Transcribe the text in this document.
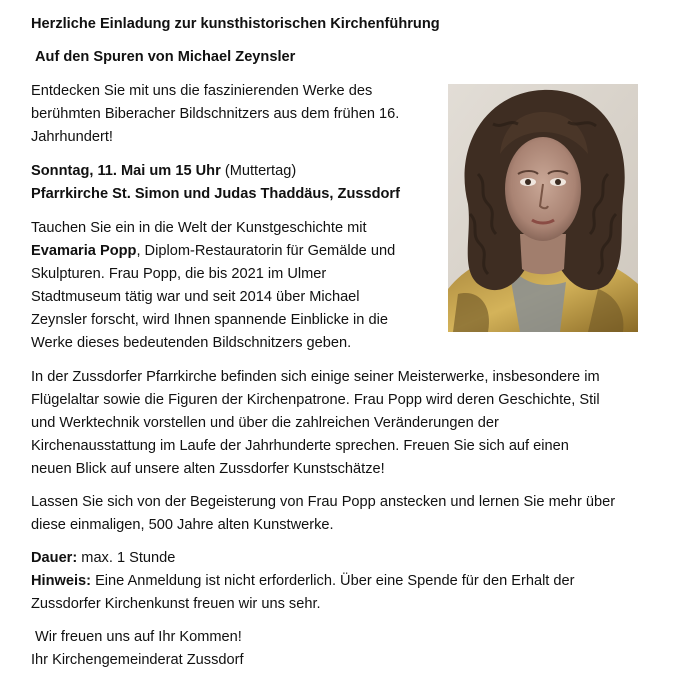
Herzliche Einladung zur kunsthistorischen Kirchenführung
Auf den Spuren von Michael Zeynsler
Entdecken Sie mit uns die faszinierenden Werke des
berühmten Biberacher Bildschnitzers aus dem frühen 16.
Jahrhundert!
Sonntag, 11. Mai um 15 Uhr (Muttertag)
Pfarrkirche St. Simon und Judas Thaddäus, Zussdorf
Tauchen Sie ein in die Welt der Kunstgeschichte mit
Evamaria Popp, Diplom-Restauratorin für Gemälde und
Skulpturen. Frau Popp, die bis 2021 im Ulmer
Stadtmuseum tätig war und seit 2014 über Michael
Zeynsler forscht, wird Ihnen spannende Einblicke in die
Werke dieses bedeutenden Bildschnitzers geben.
In der Zussdorfer Pfarrkirche befinden sich einige seiner Meisterwerke, insbesondere im
Flügelaltar sowie die Figuren der Kirchenpatrone. Frau Popp wird deren Geschichte, Stil
und Werktechnik vorstellen und über die zahlreichen Veränderungen der
Kirchenausstattung im Laufe der Jahrhunderte sprechen. Freuen Sie sich auf einen
neuen Blick auf unsere alten Zussdorfer Kunstschätze!
Lassen Sie sich von der Begeisterung von Frau Popp anstecken und lernen Sie mehr über
diese einmaligen, 500 Jahre alten Kunstwerke.
Dauer: max. 1 Stunde
Hinweis: Eine Anmeldung ist nicht erforderlich. Über eine Spende für den Erhalt der
Zussdorfer Kirchenkunst freuen wir uns sehr.
Wir freuen uns auf Ihr Kommen!
Ihr Kirchengemeinderat Zussdorf
